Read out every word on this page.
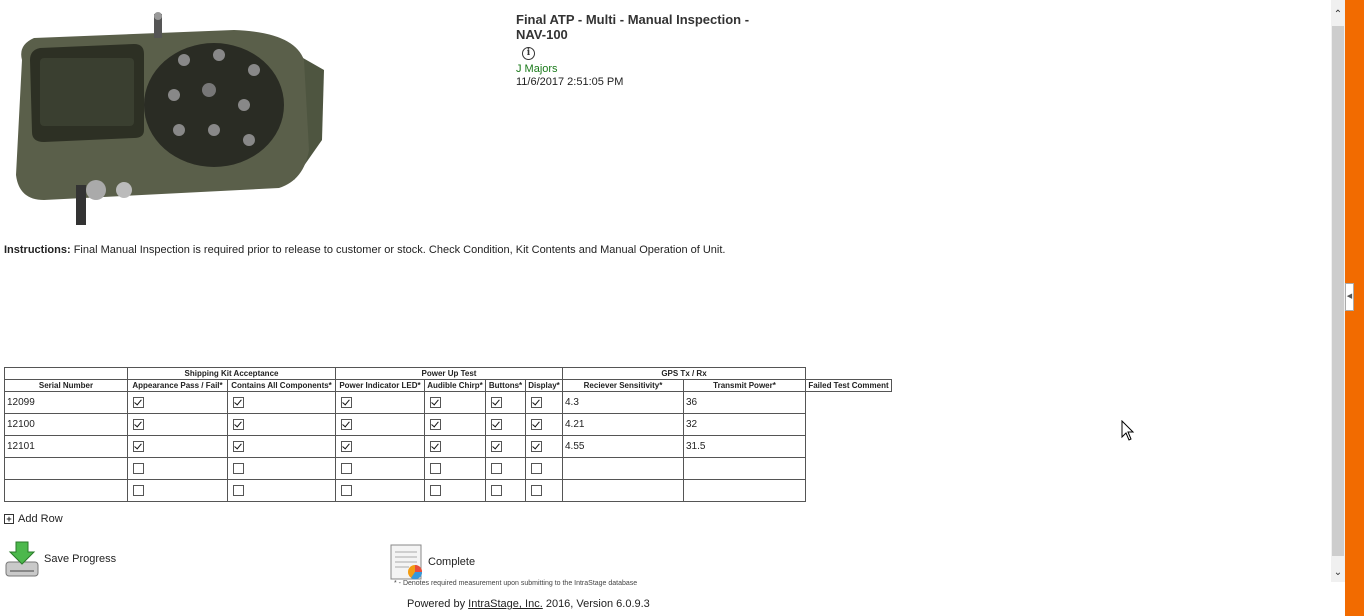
Final ATP - Multi - Manual Inspection - NAV-100
i
J Majors
11/6/2017 2:51:05 PM
Instructions: Final Manual Inspection is required prior to release to customer or stock. Check Condition, Kit Contents and Manual Operation of Unit.
	Shipping Kit Acceptance		Power Up Test				GPS Tx / Rx		
Serial Number	Appearance Pass / Fail*	Contains All Components*	Power Indicator LED*	Audible Chirp*	Buttons*	Display*	Reciever Sensitivity*	Transmit Power*	Failed Test Comment
12099							4.3	36	
12100							4.21	32	
12101							4.55	31.5	

+ Add Row
Save Progress	Complete
* - Denotes required measurement upon submitting to the IntraStage database
Powered by IntraStage, Inc. 2016, Version 6.0.9.3
⌃
⌄
◀
